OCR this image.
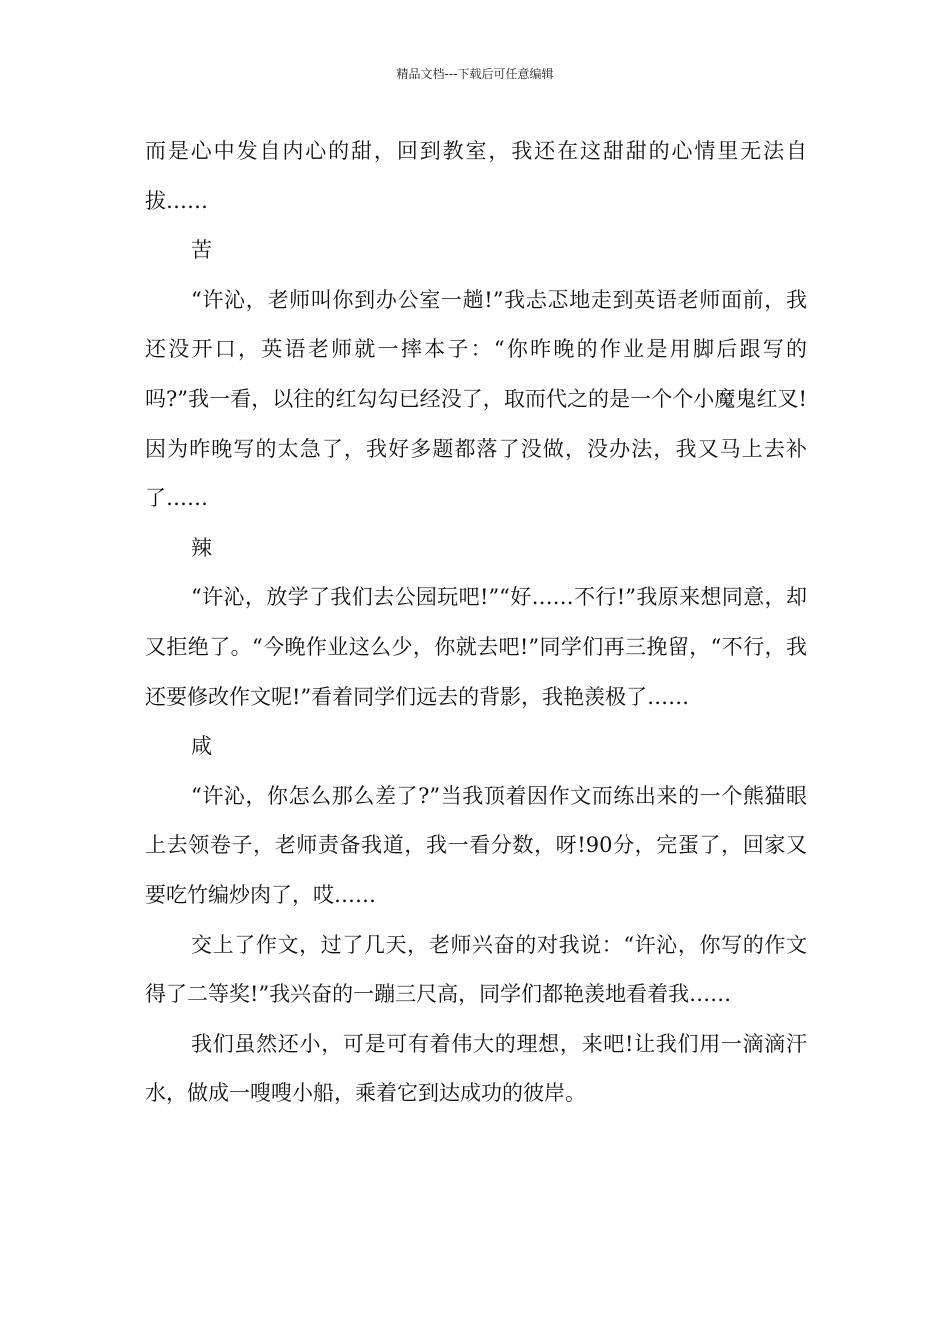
精品文档---下载后可任意编辑

而是心中发自内心的甜，回到教室，我还在这甜甜的心情里无法自拔……

苦

“许沁，老师叫你到办公室一趟!”我忐忑地走到英语老师面前，我还没开口，英语老师就一摔本子：“你昨晚的作业是用脚后跟写的吗?”我一看，以往的红勾勾已经没了，取而代之的是一个个小魔鬼红叉!因为昨晚写的太急了，我好多题都落了没做，没办法，我又马上去补了……

辣

“许沁，放学了我们去公园玩吧!”“好……不行!”我原来想同意，却又拒绝了。“今晚作业这么少，你就去吧!”同学们再三挽留，“不行，我还要修改作文呢!”看着同学们远去的背影，我艳羡极了……

咸

“许沁，你怎么那么差了?”当我顶着因作文而练出来的一个熊猫眼上去领卷子，老师责备我道，我一看分数，呀!90分，完蛋了，回家又要吃竹编炒肉了，哎……

交上了作文，过了几天，老师兴奋的对我说：“许沁，你写的作文得了二等奖!”我兴奋的一蹦三尺高，同学们都艳羡地看着我……

我们虽然还小，可是可有着伟大的理想，来吧!让我们用一滴滴汗水，做成一嗖嗖小船，乘着它到达成功的彼岸。
